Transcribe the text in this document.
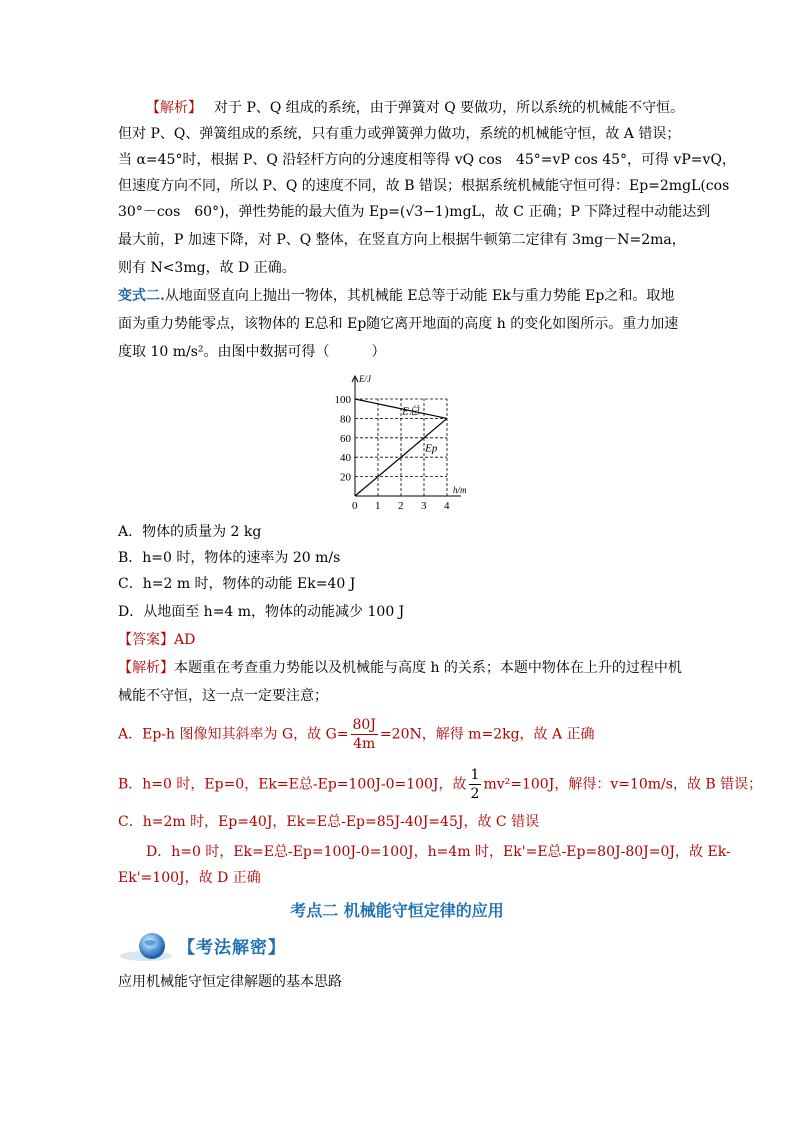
【解析】 对于 P、Q 组成的系统，由于弹簧对 Q 要做功，所以系统的机械能不守恒。
但对 P、Q、弹簧组成的系统，只有重力或弹簧弹力做功，系统的机械能守恒，故 A 错误；
当 α=45°时，根据 P、Q 沿轻杆方向的分速度相等得 vQ cos　45°=vP cos 45°，可得 vP=vQ，
但速度方向不同，所以 P、Q 的速度不同，故 B 错误；根据系统机械能守恒可得：Ep=2mgL(cos
30°－cos　60°)，弹性势能的最大值为 Ep=(√3−1)mgL，故 C 正确；P 下降过程中动能达到
最大前，P 加速下降，对 P、Q 整体，在竖直方向上根据牛顿第二定律有 3mg－N=2ma，
则有 N<3mg，故 D 正确。
变式二.从地面竖直向上抛出一物体，其机械能 E总等于动能 Ek与重力势能 Ep之和。取地
面为重力势能零点，该物体的 E总和 Ep随它离开地面的高度 h 的变化如图所示。重力加速
度取 10 m/s²。由图中数据可得（　　　）
0 1 2 3 4
20
40
60
80
100
E/J
h/m
E总
Ep
A．物体的质量为 2 kg
B．h=0 时，物体的速率为 20 m/s
C．h=2 m 时，物体的动能 Ek=40 J
D．从地面至 h=4 m，物体的动能减少 100 J
【答案】AD
【解析】本题重在考查重力势能以及机械能与高度 h 的关系；本题中物体在上升的过程中机
械能不守恒，这一点一定要注意；
A．Ep-h 图像知其斜率为 G，故 $G= \frac{80J}{4m} =20N$，解得 m=2kg，故 A 正确
B．h=0 时，Ep=0，Ek=E总-Ep=100J-0=100J，故 $\frac{1}{2} mv^2=100J$，解得：v=10m/s，故 B 错误；
C．h=2m 时，Ep=40J，Ek=E总-Ep=85J-40J=45J，故 C 错误
D．h=0 时，Ek=E总-Ep=100J-0=100J，h=4m 时，Ek'=E总-Ep=80J-80J=0J，故 Ek-
Ek'=100J，故 D 正确
考点二 机械能守恒定律的应用
【考法解密】
应用机械能守恒定律解题的基本思路
